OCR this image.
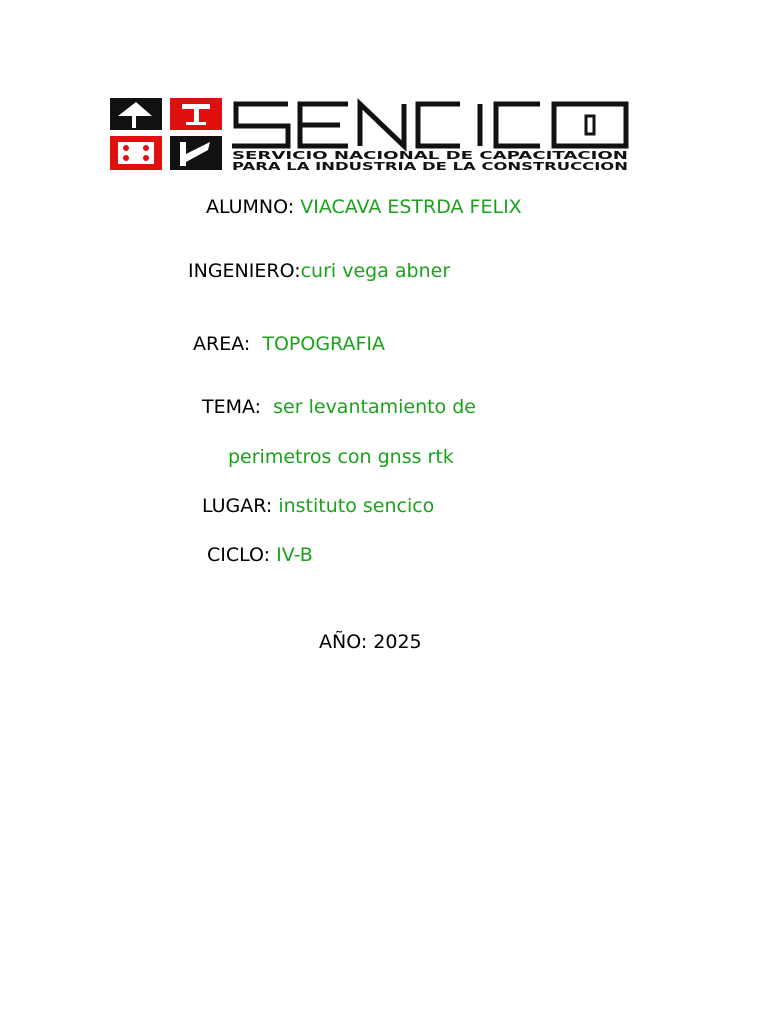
SERVICIO NACIONAL DE CAPACITACION
PARA LA INDUSTRIA DE LA CONSTRUCCION
ALUMNO: VIACAVA ESTRDA FELIX
INGENIERO:curi vega abner
AREA:  TOPOGRAFIA
TEMA:  ser levantamiento de
perimetros con gnss rtk
LUGAR: instituto sencico
CICLO: IV-B
AÑO: 2025
